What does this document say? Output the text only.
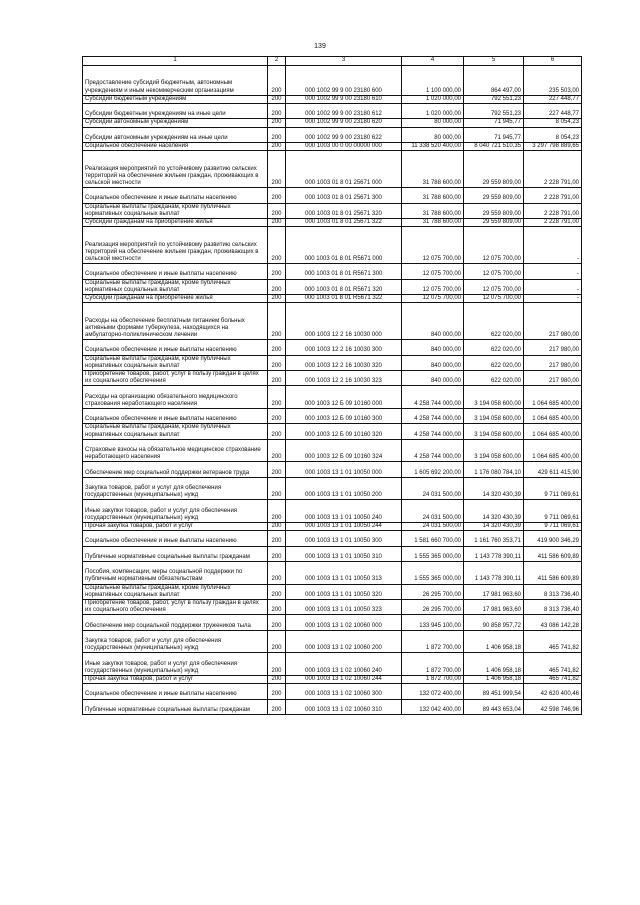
139
1	2	3	4	5	6
Предоставление субсидий бюджетным, автономным учреждениям и иным некоммерческим организациям	200	000 1002 99 9 00 23180 600	1 100 000,00	864 497,00	235 503,00
Субсидии бюджетным учреждениям	200	000 1002 99 9 00 23180 610	1 020 000,00	792 551,23	227 448,77
Субсидии бюджетным учреждениям на иные цели	200	000 1002 99 9 00 23180 612	1 020 000,00	792 551,23	227 448,77
Субсидии автономным учреждениям	200	000 1002 99 9 00 23180 620	80 000,00	71 945,77	8 054,23
Субсидии автономным учреждениям на иные цели	200	000 1002 99 9 00 23180 622	80 000,00	71 945,77	8 054,23
Социальное обеспечение населения	200	000 1003 00 0 00 00000 000	11 338 520 400,00	8 040 721 510,35	3 297 798 889,65
Реализация мероприятий по устойчивому развитию сельских территорий на обеспечение жильем граждан, проживающих в сельской местности	200	000 1003 01 8 01 25671 000	31 788 600,00	29 559 809,00	2 228 791,00
Социальное обеспечение и иные выплаты населению	200	000 1003 01 8 01 25671 300	31 788 600,00	29 559 809,00	2 228 791,00
Социальные выплаты гражданам, кроме публичных нормативных социальных выплат	200	000 1003 01 8 01 25671 320	31 788 600,00	29 559 809,00	2 228 791,00
Субсидии гражданам на приобретение жилья	200	000 1003 01 8 01 25671 322	31 788 600,00	29 559 809,00	2 228 791,00
Реализация мероприятий по устойчивому развитию сельских территорий на обеспечение жильем граждан, проживающих в сельской местности	200	000 1003 01 8 01 R5671 000	12 075 700,00	12 075 700,00	-
Социальное обеспечение и иные выплаты населению	200	000 1003 01 8 01 R5671 300	12 075 700,00	12 075 700,00	-
Социальные выплаты гражданам, кроме публичных нормативных социальных выплат	200	000 1003 01 8 01 R5671 320	12 075 700,00	12 075 700,00	-
Субсидии гражданам на приобретение жилья	200	000 1003 01 8 01 R5671 322	12 075 700,00	12 075 700,00	-
Расходы на обеспечение бесплатным питанием больных активными формами туберкулеза, находящихся на амбулаторно-поликлиническом лечении	200	000 1003 12 2 16 10030 000	840 000,00	622 020,00	217 980,00
Социальное обеспечение и иные выплаты населению	200	000 1003 12 2 16 10030 300	840 000,00	622 020,00	217 980,00
Социальные выплаты гражданам, кроме публичных нормативных социальных выплат	200	000 1003 12 2 16 10030 320	840 000,00	622 020,00	217 980,00
Приобретение товаров, работ, услуг в пользу граждан в целях их социального обеспечения	200	000 1003 12 2 16 10030 323	840 000,00	622 020,00	217 980,00
Расходы на организацию обязательного медицинского страхования неработающего населения	200	000 1003 12 Б 09 10160 000	4 258 744 000,00	3 194 058 600,00	1 064 685 400,00
Социальное обеспечение и иные выплаты населению	200	000 1003 12 Б 09 10160 300	4 258 744 000,00	3 194 058 600,00	1 064 685 400,00
Социальные выплаты гражданам, кроме публичных нормативных социальных выплат	200	000 1003 12 Б 09 10160 320	4 258 744 000,00	3 194 058 600,00	1 064 685 400,00
Страховые взносы на обязательное медицинское страхование неработающего населения	200	000 1003 12 Б 09 10160 324	4 258 744 000,00	3 194 058 600,00	1 064 685 400,00
Обеспечение мер социальной поддержки ветеранов труда	200	000 1003 13 1 01 10050 000	1 605 692 200,00	1 176 080 784,10	429 611 415,90
Закупка товаров, работ и услуг для обеспечения государственных (муниципальных) нужд	200	000 1003 13 1 01 10050 200	24 031 500,00	14 320 430,39	9 711 069,61
Иные закупки товаров, работ и услуг для обеспечения государственных (муниципальных) нужд	200	000 1003 13 1 01 10050 240	24 031 500,00	14 320 430,39	9 711 069,61
Прочая закупка товаров, работ и услуг	200	000 1003 13 1 01 10050 244	24 031 500,00	14 320 430,39	9 711 069,61
Социальное обеспечение и иные выплаты населению	200	000 1003 13 1 01 10050 300	1 581 660 700,00	1 161 760 353,71	419 900 346,29
Публичные нормативные социальные выплаты гражданам	200	000 1003 13 1 01 10050 310	1 555 365 000,00	1 143 778 390,11	411 586 609,89
Пособия, компенсации, меры социальной поддержки по публичным нормативным обязательствам	200	000 1003 13 1 01 10050 313	1 555 365 000,00	1 143 778 390,11	411 586 609,89
Социальные выплаты гражданам, кроме публичных нормативных социальных выплат	200	000 1003 13 1 01 10050 320	26 295 700,00	17 981 963,60	8 313 736,40
Приобретение товаров, работ, услуг в пользу граждан в целях их социального обеспечения	200	000 1003 13 1 01 10050 323	26 295 700,00	17 981 963,60	8 313 736,40
Обеспечение мер социальной поддержки тружеников тыла	200	000 1003 13 1 02 10060 000	133 945 100,00	90 858 957,72	43 086 142,28
Закупка товаров, работ и услуг для обеспечения государственных (муниципальных) нужд	200	000 1003 13 1 02 10060 200	1 872 700,00	1 406 958,18	465 741,82
Иные закупки товаров, работ и услуг для обеспечения государственных (муниципальных) нужд	200	000 1003 13 1 02 10060 240	1 872 700,00	1 406 958,18	465 741,82
Прочая закупка товаров, работ и услуг	200	000 1003 13 1 02 10060 244	1 872 700,00	1 406 958,18	465 741,82
Социальное обеспечение и иные выплаты населению	200	000 1003 13 1 02 10060 300	132 072 400,00	89 451 999,54	42 620 400,46
Публичные нормативные социальные выплаты гражданам	200	000 1003 13 1 02 10060 310	132 042 400,00	89 443 653,04	42 598 746,96
